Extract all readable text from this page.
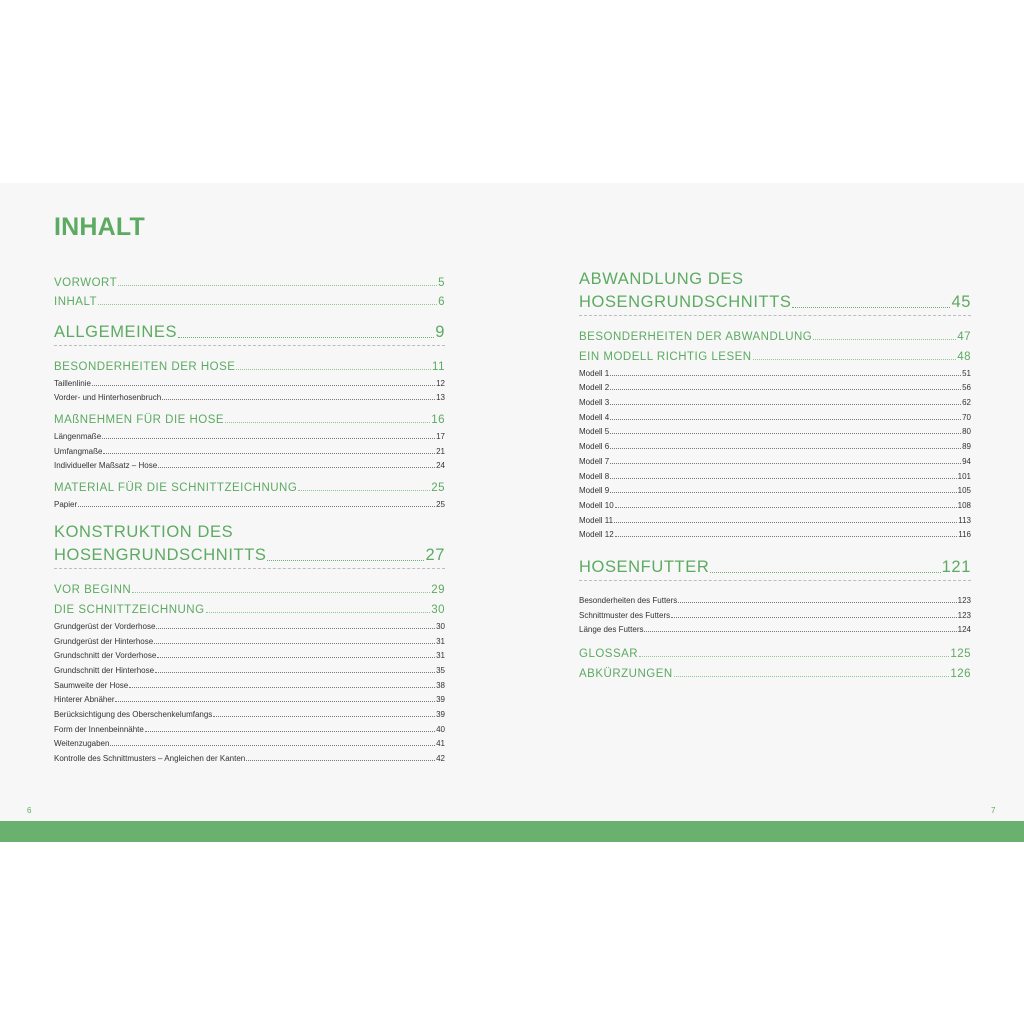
INHALT
VORWORT	5
INHALT	6
ALLGEMEINES	9
BESONDERHEITEN DER HOSE	11
Taillenlinie	12
Vorder- und Hinterhosenbruch	13
MAßNEHMEN FÜR DIE HOSE	16
Längenmaße	17
Umfangmaße	21
Individueller Maßsatz – Hose	24
MATERIAL FÜR DIE SCHNITTZEICHNUNG	25
Papier	25
KONSTRUKTION DES
HOSENGRUNDSCHNITTS	27
VOR BEGINN	29
DIE SCHNITTZEICHNUNG	30
Grundgerüst der Vorderhose	30
Grundgerüst der Hinterhose	31
Grundschnitt der Vorderhose	31
Grundschnitt der Hinterhose	35
Saumweite der Hose	38
Hinterer Abnäher	39
Berücksichtigung des Oberschenkelumfangs	39
Form der Innenbeinnähte	40
Weitenzugaben	41
Kontrolle des Schnittmusters – Angleichen der Kanten	42
ABWANDLUNG DES
HOSENGRUNDSCHNITTS	45
BESONDERHEITEN DER ABWANDLUNG	47
EIN MODELL RICHTIG LESEN	48
Modell 1	51
Modell 2	56
Modell 3	62
Modell 4	70
Modell 5	80
Modell 6	89
Modell 7	94
Modell 8	101
Modell 9	105
Modell 10	108
Modell 11	113
Modell 12	116
HOSENFUTTER	121
Besonderheiten des Futters	123
Schnittmuster des Futters	123
Länge des Futters	124
GLOSSAR	125
ABKÜRZUNGEN	126
6	7
